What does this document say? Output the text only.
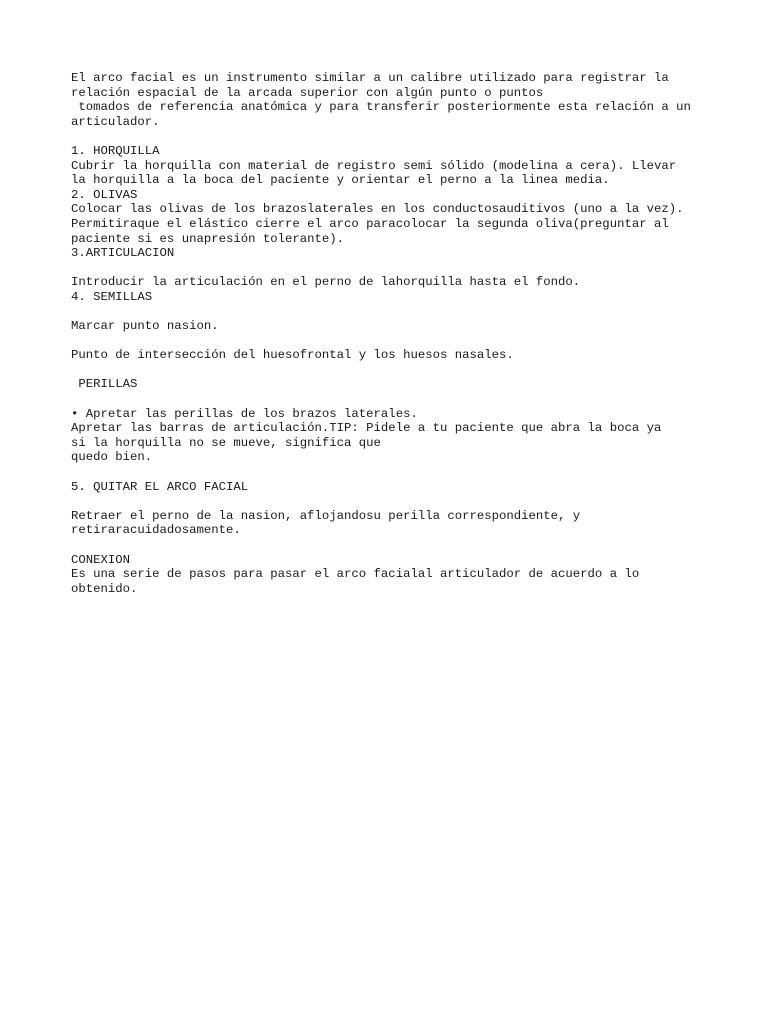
El arco facial es un instrumento similar a un calibre utilizado para registrar la
relación espacial de la arcada superior con algún punto o puntos
tomados de referencia anatómica y para transferir posteriormente esta relación a un
articulador.
1. HORQUILLA
Cubrir la horquilla con material de registro semi sólido (modelina a cera). Llevar
la horquilla a la boca del paciente y orientar el perno a la linea media.
2. OLIVAS
Colocar las olivas de los brazoslaterales en los conductosauditivos (uno a la vez).
Permitiraque el elástico cierre el arco paracolocar la segunda oliva(preguntar al
paciente si es unapresión tolerante).
3.ARTICULACION
Introducir la articulación en el perno de lahorquilla hasta el fondo.
4. SEMILLAS
Marcar punto nasion.
Punto de intersección del huesofrontal y los huesos nasales.
PERILLAS
• Apretar las perillas de los brazos laterales.
Apretar las barras de articulación.TIP: Pidele a tu paciente que abra la boca ya
si la horquilla no se mueve, significa que
quedo bien.
5. QUITAR EL ARCO FACIAL
Retraer el perno de la nasion, aflojandosu perilla correspondiente, y
retiraracuidadosamente.
CONEXION
Es una serie de pasos para pasar el arco facialal articulador de acuerdo a lo
obtenido.
